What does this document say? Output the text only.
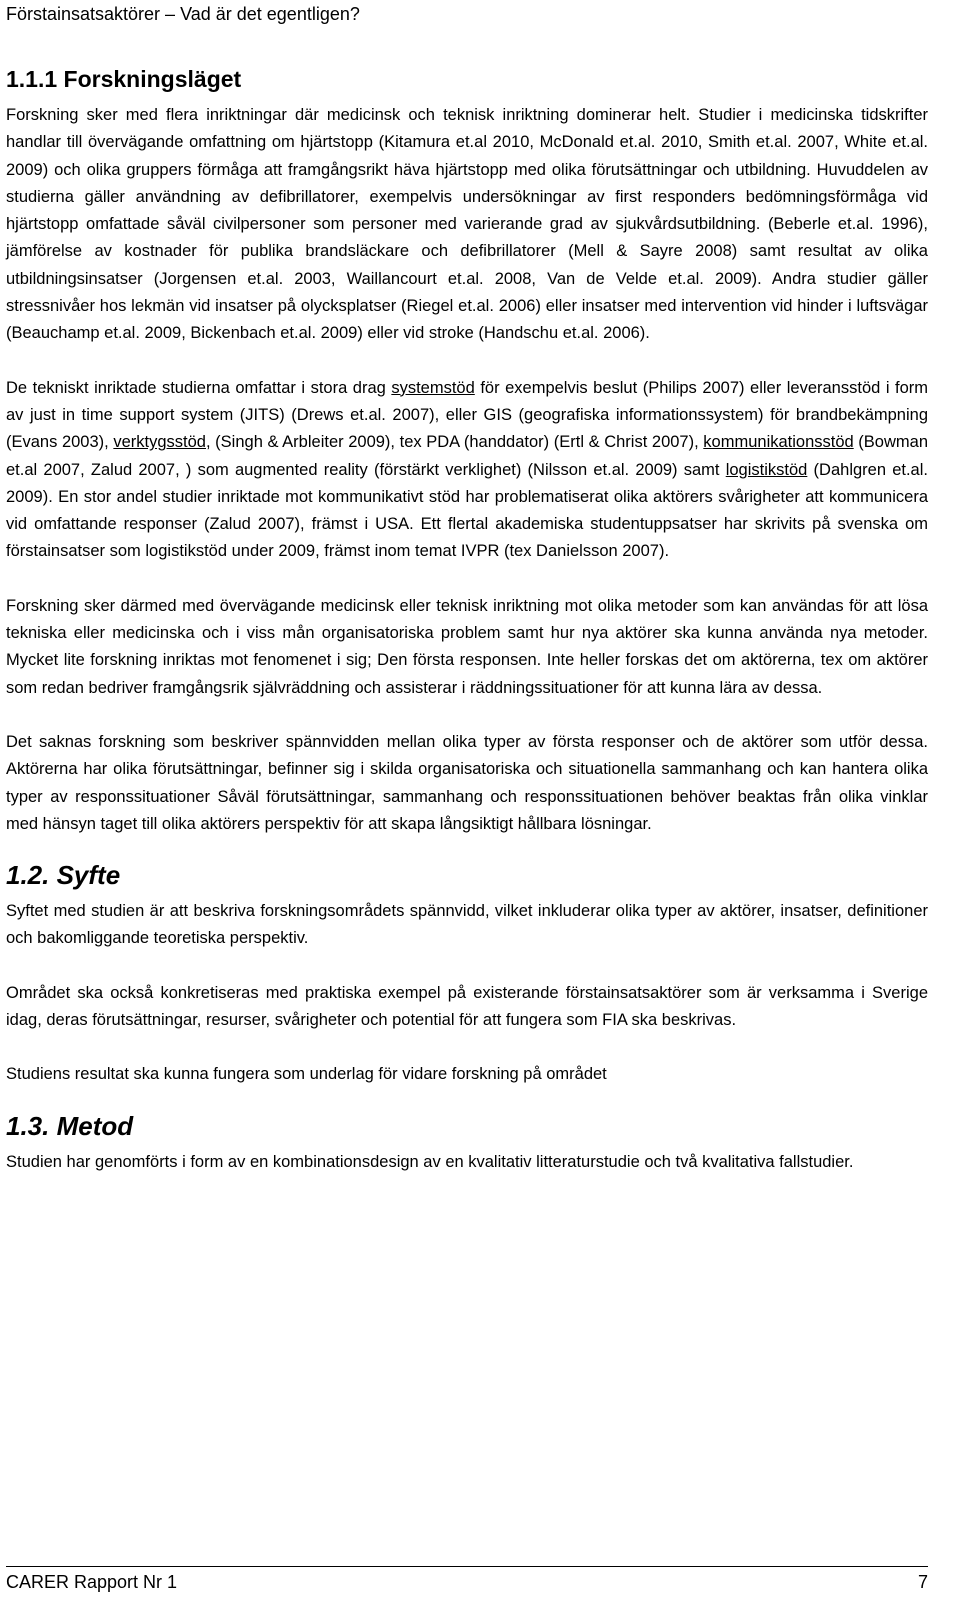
Förstainsatsaktörer – Vad är det egentligen?
1.1.1 Forskningsläget

Forskning sker med flera inriktningar där medicinsk och teknisk inriktning dominerar helt. Studier i medicinska tidskrifter handlar till övervägande omfattning om hjärtstopp (Kitamura et.al 2010, McDonald et.al. 2010, Smith et.al. 2007, White et.al. 2009) och olika gruppers förmåga att framgångsrikt häva hjärtstopp med olika förutsättningar och utbildning. Huvuddelen av studierna gäller användning av defibrillatorer, exempelvis undersökningar av first responders bedömningsförmåga vid hjärtstopp omfattade såväl civilpersoner som personer med varierande grad av sjukvårdsutbildning. (Beberle et.al. 1996), jämförelse av kostnader för publika brandsläckare och defibrillatorer (Mell & Sayre 2008) samt resultat av olika utbildningsinsatser (Jorgensen et.al. 2003, Waillancourt et.al. 2008, Van de Velde et.al. 2009). Andra studier gäller stressnivåer hos lekmän vid insatser på olycksplatser (Riegel et.al. 2006) eller insatser med intervention vid hinder i luftsvägar (Beauchamp et.al. 2009, Bickenbach et.al. 2009) eller vid stroke (Handschu et.al. 2006).

De tekniskt inriktade studierna omfattar i stora drag systemstöd för exempelvis beslut (Philips 2007) eller leveransstöd i form av just in time support system (JITS) (Drews et.al. 2007), eller GIS (geografiska informationssystem) för brandbekämpning (Evans 2003), verktygsstöd, (Singh & Arbleiter 2009), tex PDA (handdator) (Ertl & Christ 2007), kommunikationsstöd (Bowman et.al 2007, Zalud 2007, ) som augmented reality (förstärkt verklighet) (Nilsson et.al. 2009) samt logistikstöd (Dahlgren et.al. 2009). En stor andel studier inriktade mot kommunikativt stöd har problematiserat olika aktörers svårigheter att kommunicera vid omfattande responser (Zalud 2007), främst i USA. Ett flertal akademiska studentuppsatser har skrivits på svenska om förstainsatser som logistikstöd under 2009, främst inom temat IVPR (tex Danielsson 2007).

Forskning sker därmed med övervägande medicinsk eller teknisk inriktning mot olika metoder som kan användas för att lösa tekniska eller medicinska och i viss mån organisatoriska problem samt hur nya aktörer ska kunna använda nya metoder. Mycket lite forskning inriktas mot fenomenet i sig; Den första responsen. Inte heller forskas det om aktörerna, tex om aktörer som redan bedriver framgångsrik självräddning och assisterar i räddningssituationer för att kunna lära av dessa.

Det saknas forskning som beskriver spännvidden mellan olika typer av första responser och de aktörer som utför dessa. Aktörerna har olika förutsättningar, befinner sig i skilda organisatoriska och situationella sammanhang och kan hantera olika typer av responssituationer Såväl förutsättningar, sammanhang och responssituationen behöver beaktas från olika vinklar med hänsyn taget till olika aktörers perspektiv för att skapa långsiktigt hållbara lösningar.

1.2. Syfte

Syftet med studien är att beskriva forskningsområdets spännvidd, vilket inkluderar olika typer av aktörer, insatser, definitioner och bakomliggande teoretiska perspektiv.

Området ska också konkretiseras med praktiska exempel på existerande förstainsatsaktörer som är verksamma i Sverige idag, deras förutsättningar, resurser, svårigheter och potential för att fungera som FIA ska beskrivas.

Studiens resultat ska kunna fungera som underlag för vidare forskning på området

1.3. Metod

Studien har genomförts i form av en kombinationsdesign av en kvalitativ litteraturstudie och två kvalitativa fallstudier.

CARER Rapport Nr 1	7
